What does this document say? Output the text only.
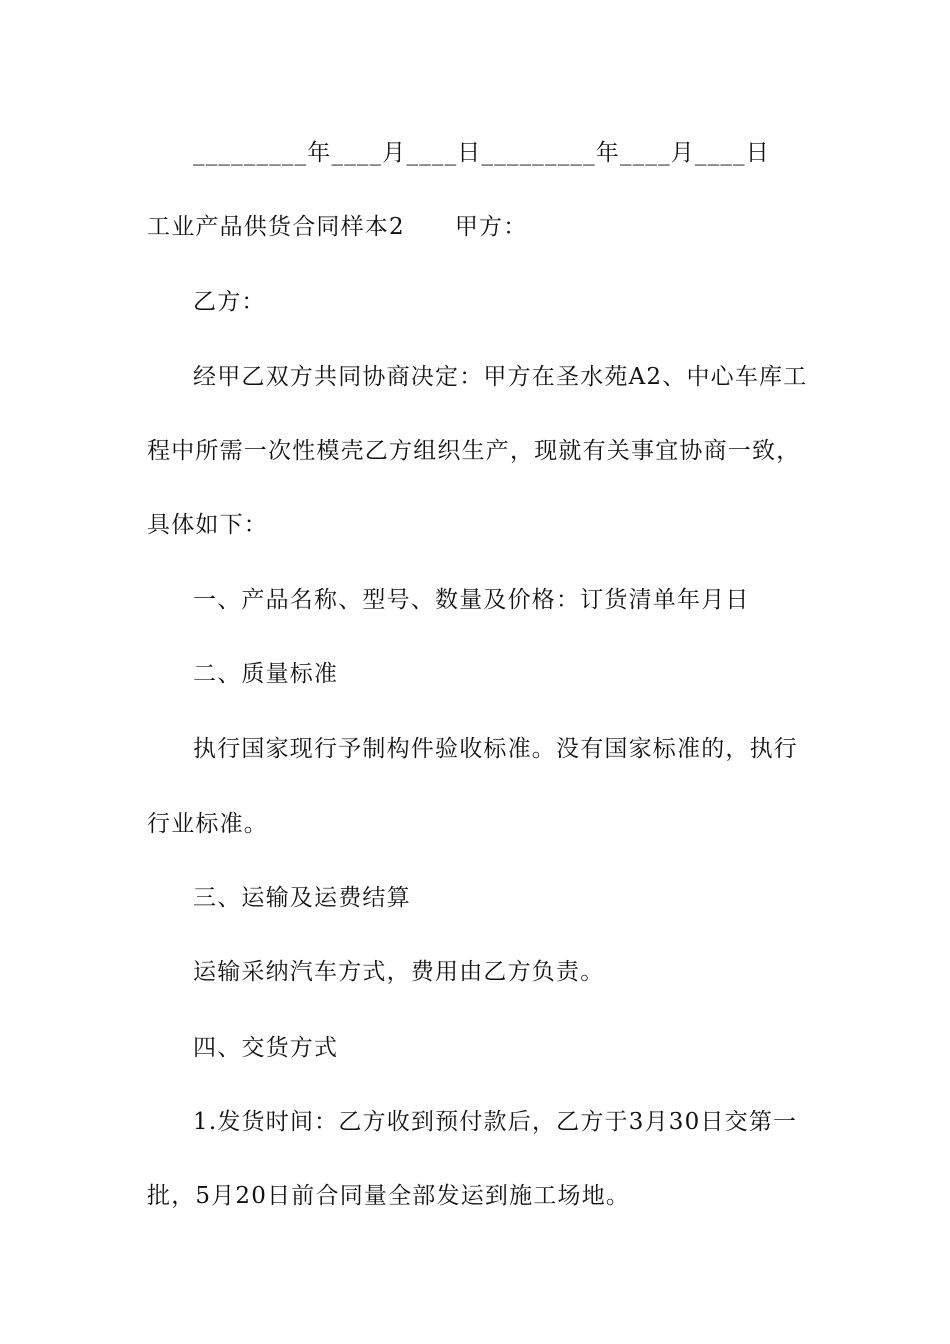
_________年____月____日_________年____月____日
工业产品供货合同样本2 甲方：
乙方：
经甲乙双方共同协商决定：甲方在圣水苑A2、中心车库工
程中所需一次性模壳乙方组织生产，现就有关事宜协商一致，
具体如下：
一、产品名称、型号、数量及价格：订货清单年月日
二、质量标准
执行国家现行予制构件验收标准。没有国家标准的，执行
行业标准。
三、运输及运费结算
运输采纳汽车方式，费用由乙方负责。
四、交货方式
1.发货时间：乙方收到预付款后，乙方于3月30日交第一
批，5月20日前合同量全部发运到施工场地。
